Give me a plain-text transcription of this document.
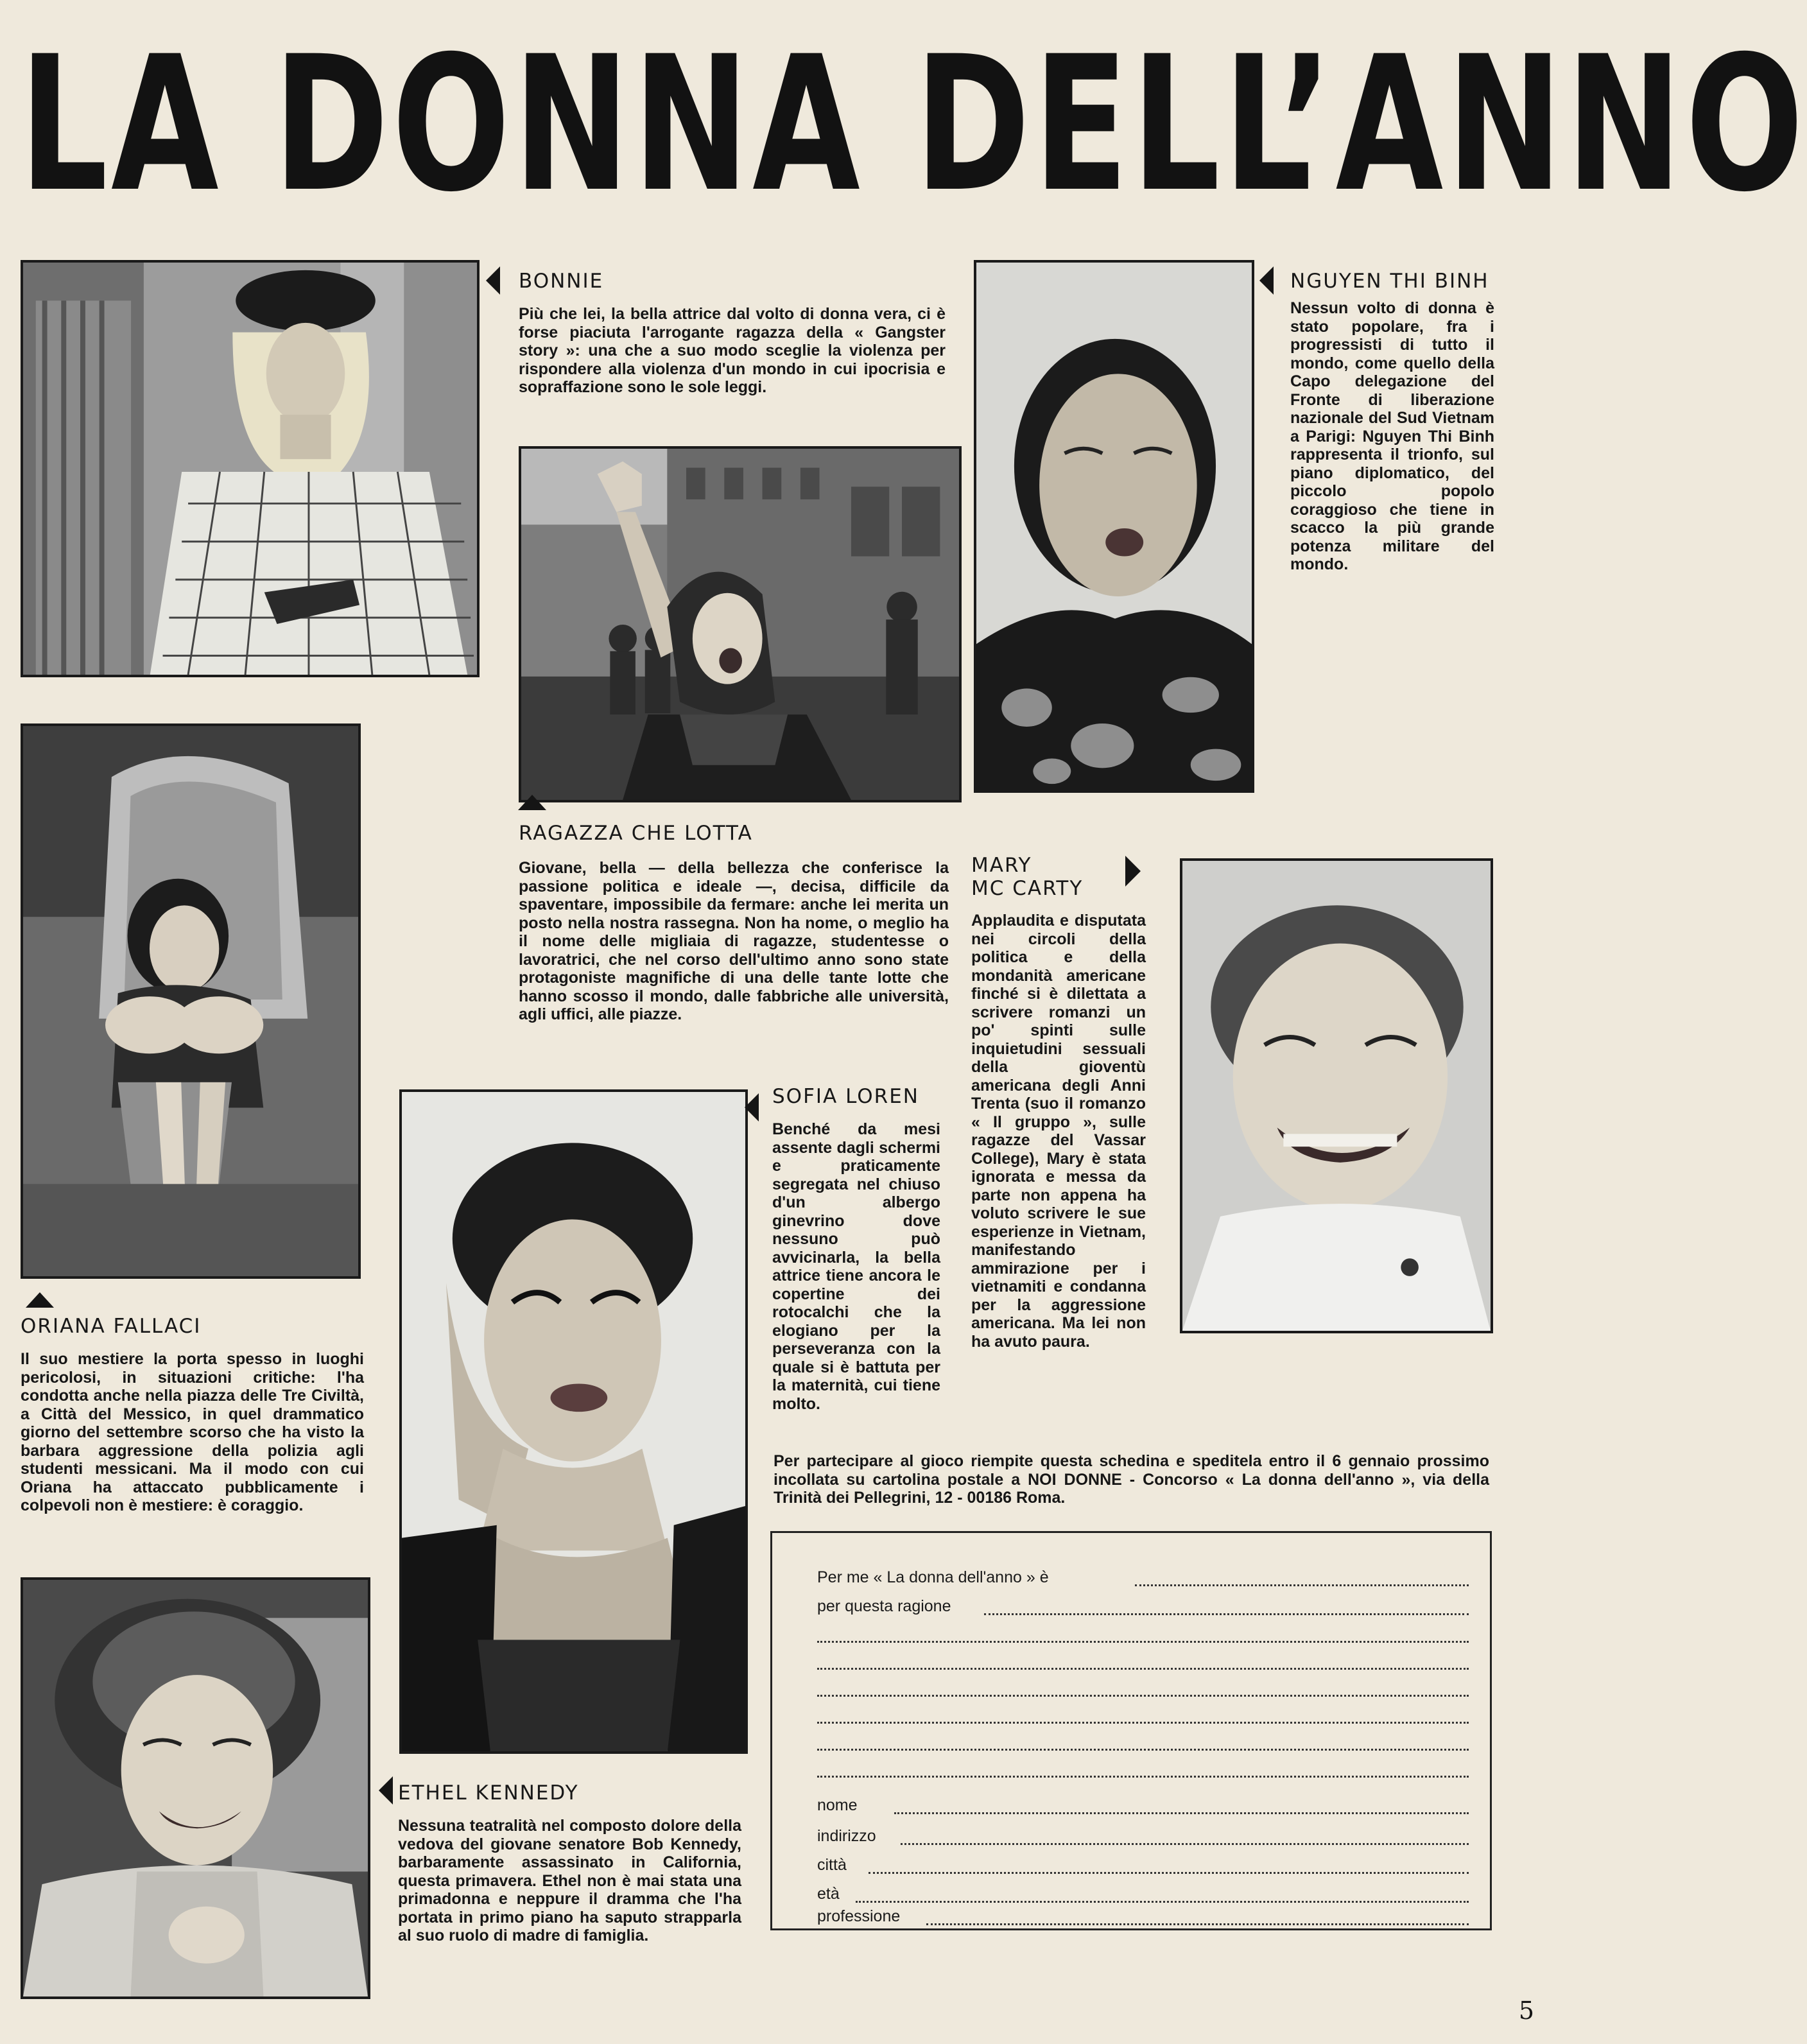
LA DONNA DELL’ANNO
BONNIE
Più che lei, la bella attrice dal volto di donna vera, ci è forse piaciuta l'arrogante ragazza della « Gangster story »: una che a suo modo sceglie la violenza per rispondere alla violenza d'un mondo in cui ipocrisia e sopraffazione sono le sole leggi.
NGUYEN THI BINH
Nessun volto di donna è stato popolare, fra i progressisti di tutto il mondo, come quello della Capo delegazione del Fronte di liberazione nazionale del Sud Vietnam a Parigi: Nguyen Thi Binh rappresenta il trionfo, sul piano diplomatico, del piccolo popolo coraggioso che tiene in scacco la più grande potenza militare del mondo.
RAGAZZA CHE LOTTA
Giovane, bella — della bellezza che conferisce la passione politica e ideale —, decisa, difficile da spaventare, impossibile da fermare: anche lei merita un posto nella nostra rassegna. Non ha nome, o meglio ha il nome delle migliaia di ragazze, studentesse o lavoratrici, che nel corso dell'ultimo anno sono state protagoniste magnifiche di una delle tante lotte che hanno scosso il mondo, dalle fabbriche alle università, agli uffici, alle piazze.
MARY
MC CARTY
Applaudita e disputata nei circoli della politica e della mondanità americane finché si è dilettata a scrivere romanzi un po' spinti sulle inquietudini sessuali della gioventù americana degli Anni Trenta (suo il romanzo « Il gruppo », sulle ragazze del Vassar College), Mary è stata ignorata e messa da parte non appena ha voluto scrivere le sue esperienze in Vietnam, manifestando ammirazione per i vietnamiti e condanna per la aggressione americana. Ma lei non ha avuto paura.
ORIANA FALLACI
Il suo mestiere la porta spesso in luoghi pericolosi, in situazioni critiche: l'ha condotta anche nella piazza delle Tre Civiltà, a Città del Messico, in quel drammatico giorno del settembre scorso che ha visto la barbara aggressione della polizia agli studenti messicani. Ma il modo con cui Oriana ha attaccato pubblicamente i colpevoli non è mestiere: è coraggio.
SOFIA LOREN
Benché da mesi assente dagli schermi e praticamente segregata nel chiuso d'un albergo ginevrino dove nessuno può avvicinarla, la bella attrice tiene ancora le copertine dei rotocalchi che la elogiano per la perseveranza con la quale si è battuta per la maternità, cui tiene molto.
ETHEL KENNEDY
Nessuna teatralità nel composto dolore della vedova del giovane senatore Bob Kennedy, barbaramente assassinato in California, questa primavera. Ethel non è mai stata una primadonna e neppure il dramma che l'ha portata in primo piano ha saputo strapparla al suo ruolo di madre di famiglia.
Per partecipare al gioco riempite questa schedina e speditela entro il 6 gennaio prossimo incollata su cartolina postale a NOI DONNE - Concorso « La donna dell'anno », via della Trinità dei Pellegrini, 12 - 00186 Roma.
Per me « La donna dell'anno » è
per questa ragione
nome
indirizzo
città
età
professione
5
